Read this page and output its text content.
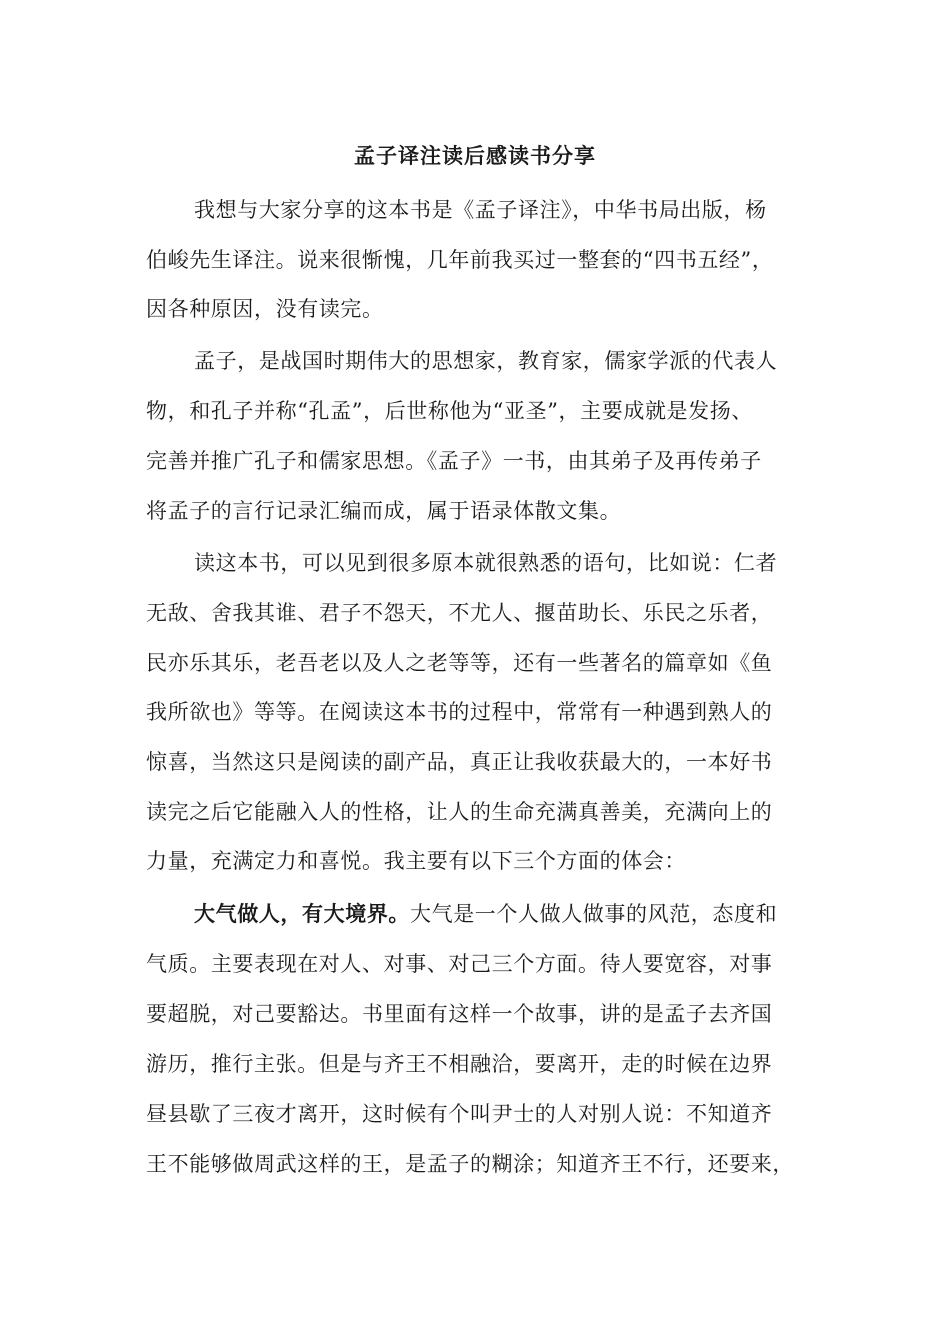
孟子译注读后感读书分享
我想与大家分享的这本书是《孟子译注》，中华书局出版，杨
伯峻先生译注。说来很惭愧，几年前我买过一整套的“四书五经”，
因各种原因，没有读完。
孟子，是战国时期伟大的思想家，教育家，儒家学派的代表人
物，和孔子并称“孔孟”，后世称他为“亚圣”，主要成就是发扬、
完善并推广孔子和儒家思想。《孟子》一书，由其弟子及再传弟子
将孟子的言行记录汇编而成，属于语录体散文集。
读这本书，可以见到很多原本就很熟悉的语句，比如说：仁者
无敌、舍我其谁、君子不怨天，不尤人、揠苗助长、乐民之乐者，
民亦乐其乐，老吾老以及人之老等等，还有一些著名的篇章如《鱼
我所欲也》等等。在阅读这本书的过程中，常常有一种遇到熟人的
惊喜，当然这只是阅读的副产品，真正让我收获最大的，一本好书
读完之后它能融入人的性格，让人的生命充满真善美，充满向上的
力量，充满定力和喜悦。我主要有以下三个方面的体会：
大气做人，有大境界。大气是一个人做人做事的风范，态度和
气质。主要表现在对人、对事、对己三个方面。待人要宽容，对事
要超脱，对己要豁达。书里面有这样一个故事，讲的是孟子去齐国
游历，推行主张。但是与齐王不相融洽，要离开，走的时候在边界
昼县歇了三夜才离开，这时候有个叫尹士的人对别人说：不知道齐
王不能够做周武这样的王，是孟子的糊涂；知道齐王不行，还要来，
